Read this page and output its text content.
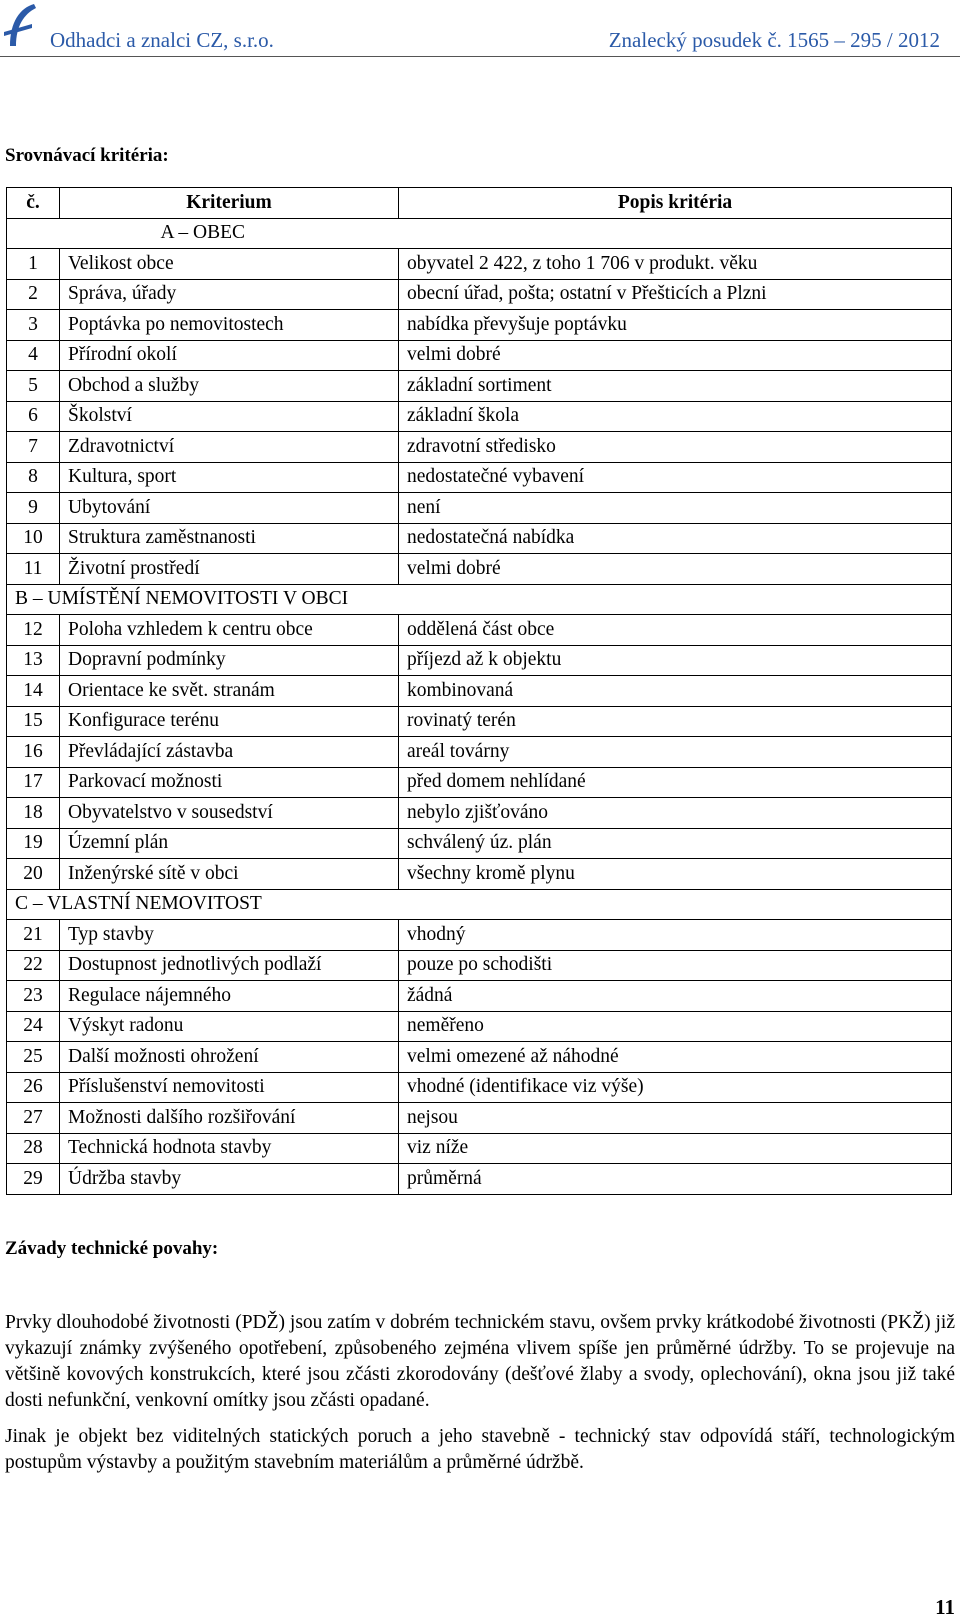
Odhadci a znalci CZ, s.r.o.	Znalecký posudek č. 1565 – 295 / 2012
Srovnávací kritéria:
č.	Kriterium	Popis kritéria
A – OBEC		
1	Velikost obce	obyvatel 2 422, z toho 1 706 v produkt. věku
2	Správa, úřady	obecní úřad, pošta; ostatní v Přešticích a Plzni
3	Poptávka po nemovitostech	nabídka převyšuje poptávku
4	Přírodní okolí	velmi dobré
5	Obchod a služby	základní sortiment
6	Školství	základní škola
7	Zdravotnictví	zdravotní středisko
8	Kultura, sport	nedostatečné vybavení
9	Ubytování	není
10	Struktura zaměstnanosti	nedostatečná nabídka
11	Životní prostředí	velmi dobré
B – UMÍSTĚNÍ NEMOVITOSTI V OBCI		
12	Poloha vzhledem k centru obce	oddělená část obce
13	Dopravní podmínky	příjezd až k objektu
14	Orientace ke svět. stranám	kombinovaná
15	Konfigurace terénu	rovinatý terén
16	Převládající zástavba	areál továrny
17	Parkovací možnosti	před domem nehlídané
18	Obyvatelstvo v sousedství	nebylo zjišťováno
19	Územní plán	schválený úz. plán
20	Inženýrské sítě v obci	všechny kromě plynu
C – VLASTNÍ NEMOVITOST		
21	Typ stavby	vhodný
22	Dostupnost jednotlivých podlaží	pouze po schodišti
23	Regulace nájemného	žádná
24	Výskyt radonu	neměřeno
25	Další možnosti ohrožení	velmi omezené až náhodné
26	Příslušenství nemovitosti	vhodné (identifikace viz výše)
27	Možnosti dalšího rozšiřování	nejsou
28	Technická hodnota stavby	viz níže
29	Údržba stavby	průměrná
Závady technické povahy:

Prvky dlouhodobé životnosti (PDŽ) jsou zatím v dobrém technickém stavu, ovšem prvky krátkodobé životnosti (PKŽ) již vykazují známky zvýšeného opotřebení, způsobeného zejména vlivem spíše jen průměrné údržby. To se projevuje na většině kovových konstrukcích, které jsou zčásti zkorodovány (dešťové žlaby a svody, oplechování), okna jsou již také dosti nefunkční, venkovní omítky jsou zčásti opadané.

Jinak je objekt bez viditelných statických poruch a jeho stavebně - technický stav odpovídá stáří, technologickým postupům výstavby a použitým stavebním materiálům a průměrné údržbě.

11
